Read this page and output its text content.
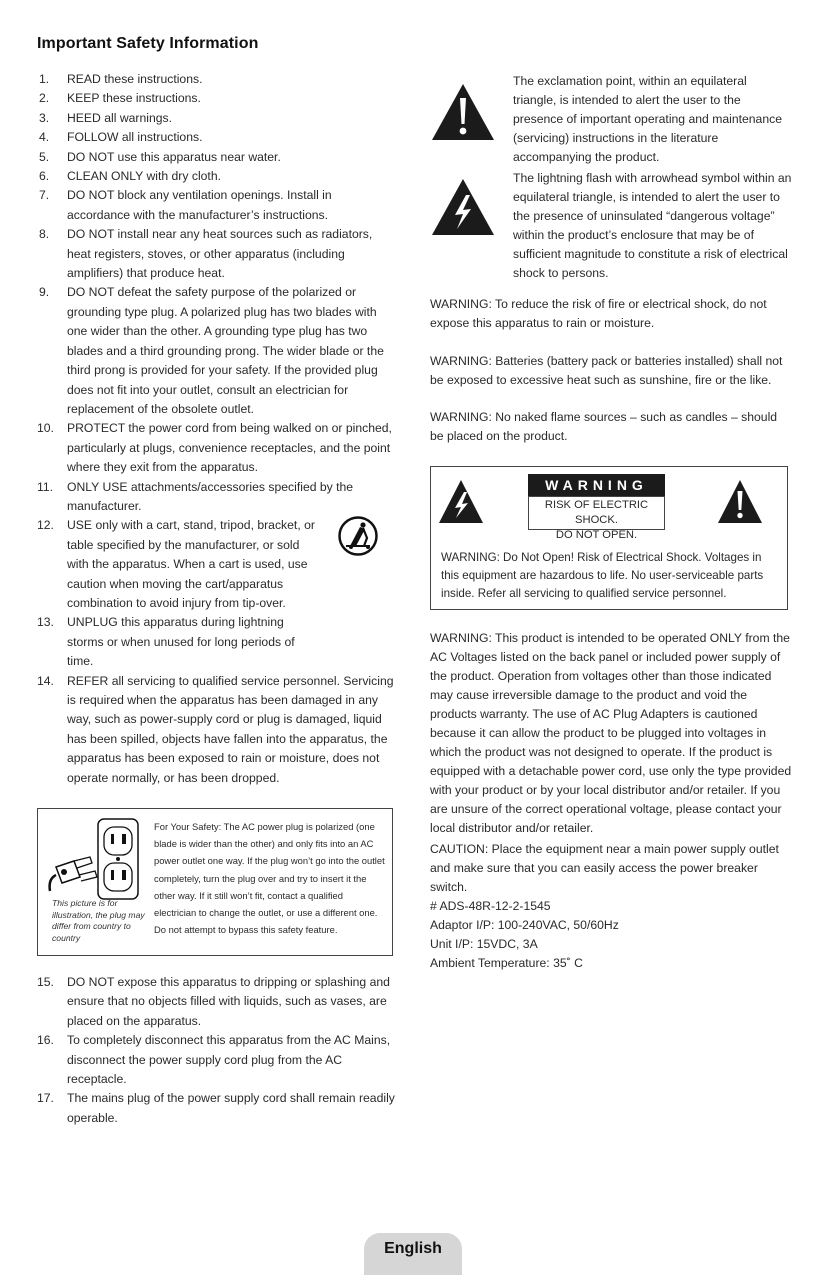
Important Safety Information
1.	READ these instructions.
2.	KEEP these instructions.
3.	HEED all warnings.
4.	FOLLOW all instructions.
5.	DO NOT use this apparatus near water.
6.	CLEAN ONLY with dry cloth.
7.	DO NOT block any ventilation openings. Install in accordance with the manufacturer’s instructions.
8.	DO NOT install near any heat sources such as radiators, heat registers, stoves, or other apparatus (including amplifiers) that produce heat.
9.	DO NOT defeat the safety purpose of the polarized or grounding type plug. A polarized plug has two blades with one wider than the other. A grounding type plug has two blades and a third grounding prong. The wider blade or the third prong is provided for your safety. If the provided plug does not fit into your outlet, consult an electrician for replacement of the obsolete outlet.
10.	PROTECT the power cord from being walked on or pinched, particularly at plugs, convenience receptacles, and the point where they exit from the apparatus.
11.	ONLY USE attachments/accessories specified by the manufacturer.
12.	USE only with a cart, stand, tripod, bracket, or table specified by the manufacturer, or sold with the apparatus. When a cart is used, use caution when moving the cart/apparatus combination to avoid injury from tip-over.
13.	UNPLUG this apparatus during lightning storms or when unused for long periods of time.
14.	REFER all servicing to qualified service personnel. Servicing is required when the apparatus has been damaged in any way, such as power-supply cord or plug is damaged, liquid has been spilled, objects have fallen into the apparatus, the apparatus has been exposed to rain or moisture, does not operate normally, or has been dropped.
This picture is for illustration, the plug may differ from country to country
For Your Safety: The AC power plug is polarized (one blade is wider than the other) and only fits into an AC power outlet one way. If the plug won’t go into the outlet completely, turn the plug over and try to insert it the other way. If it still won’t fit, contact a qualified electrician to change the outlet, or use a different one. Do not attempt to bypass this safety feature.
15.	DO NOT expose this apparatus to dripping or splashing and ensure that no objects filled with liquids, such as vases, are placed on the apparatus.
16.	To completely disconnect this apparatus from the AC Mains, disconnect the power supply cord plug from the AC receptacle.
17.	The mains plug of the power supply cord shall remain readily operable.
The exclamation point, within an equilateral triangle, is intended to alert the user to the presence of important operating and maintenance (servicing) instructions in the literature accompanying the product.
The lightning flash with arrowhead symbol within an equilateral triangle, is intended to alert the user to the presence of uninsulated “dangerous voltage” within the product’s enclosure that may be of sufficient magnitude to constitute a risk of electrical shock to persons.
WARNING: To reduce the risk of fire or electrical shock, do not expose this apparatus to rain or moisture.
WARNING: Batteries (battery pack or batteries installed) shall not be exposed to excessive heat such as sunshine, fire or the like.
WARNING: No naked flame sources – such as candles – should be placed on the product.
WARNING
RISK OF ELECTRIC SHOCK.
DO NOT OPEN.
WARNING: Do Not Open! Risk of Electrical Shock. Voltages in this equipment are hazardous to life. No user-serviceable parts inside. Refer all servicing to qualified service personnel.
WARNING: This product is intended to be operated ONLY from the AC Voltages listed on the back panel or included power supply of the product. Operation from voltages other than those indicated may cause irreversible damage to the product and void the products warranty. The use of AC Plug Adapters is cautioned because it can allow the product to be plugged into voltages in which the product was not designed to operate. If the product is equipped with a detachable power cord, use only the type provided with your product or by your local distributor and/or retailer. If you are unsure of the correct operational voltage, please contact your local distributor and/or retailer.
CAUTION: Place the equipment near a main power supply outlet and make sure that you can easily access the power breaker switch.
# ADS-48R-12-2-1545
Adaptor I/P: 100-240VAC, 50/60Hz
Unit I/P: 15VDC, 3A
Ambient Temperature: 35˚ C
English
